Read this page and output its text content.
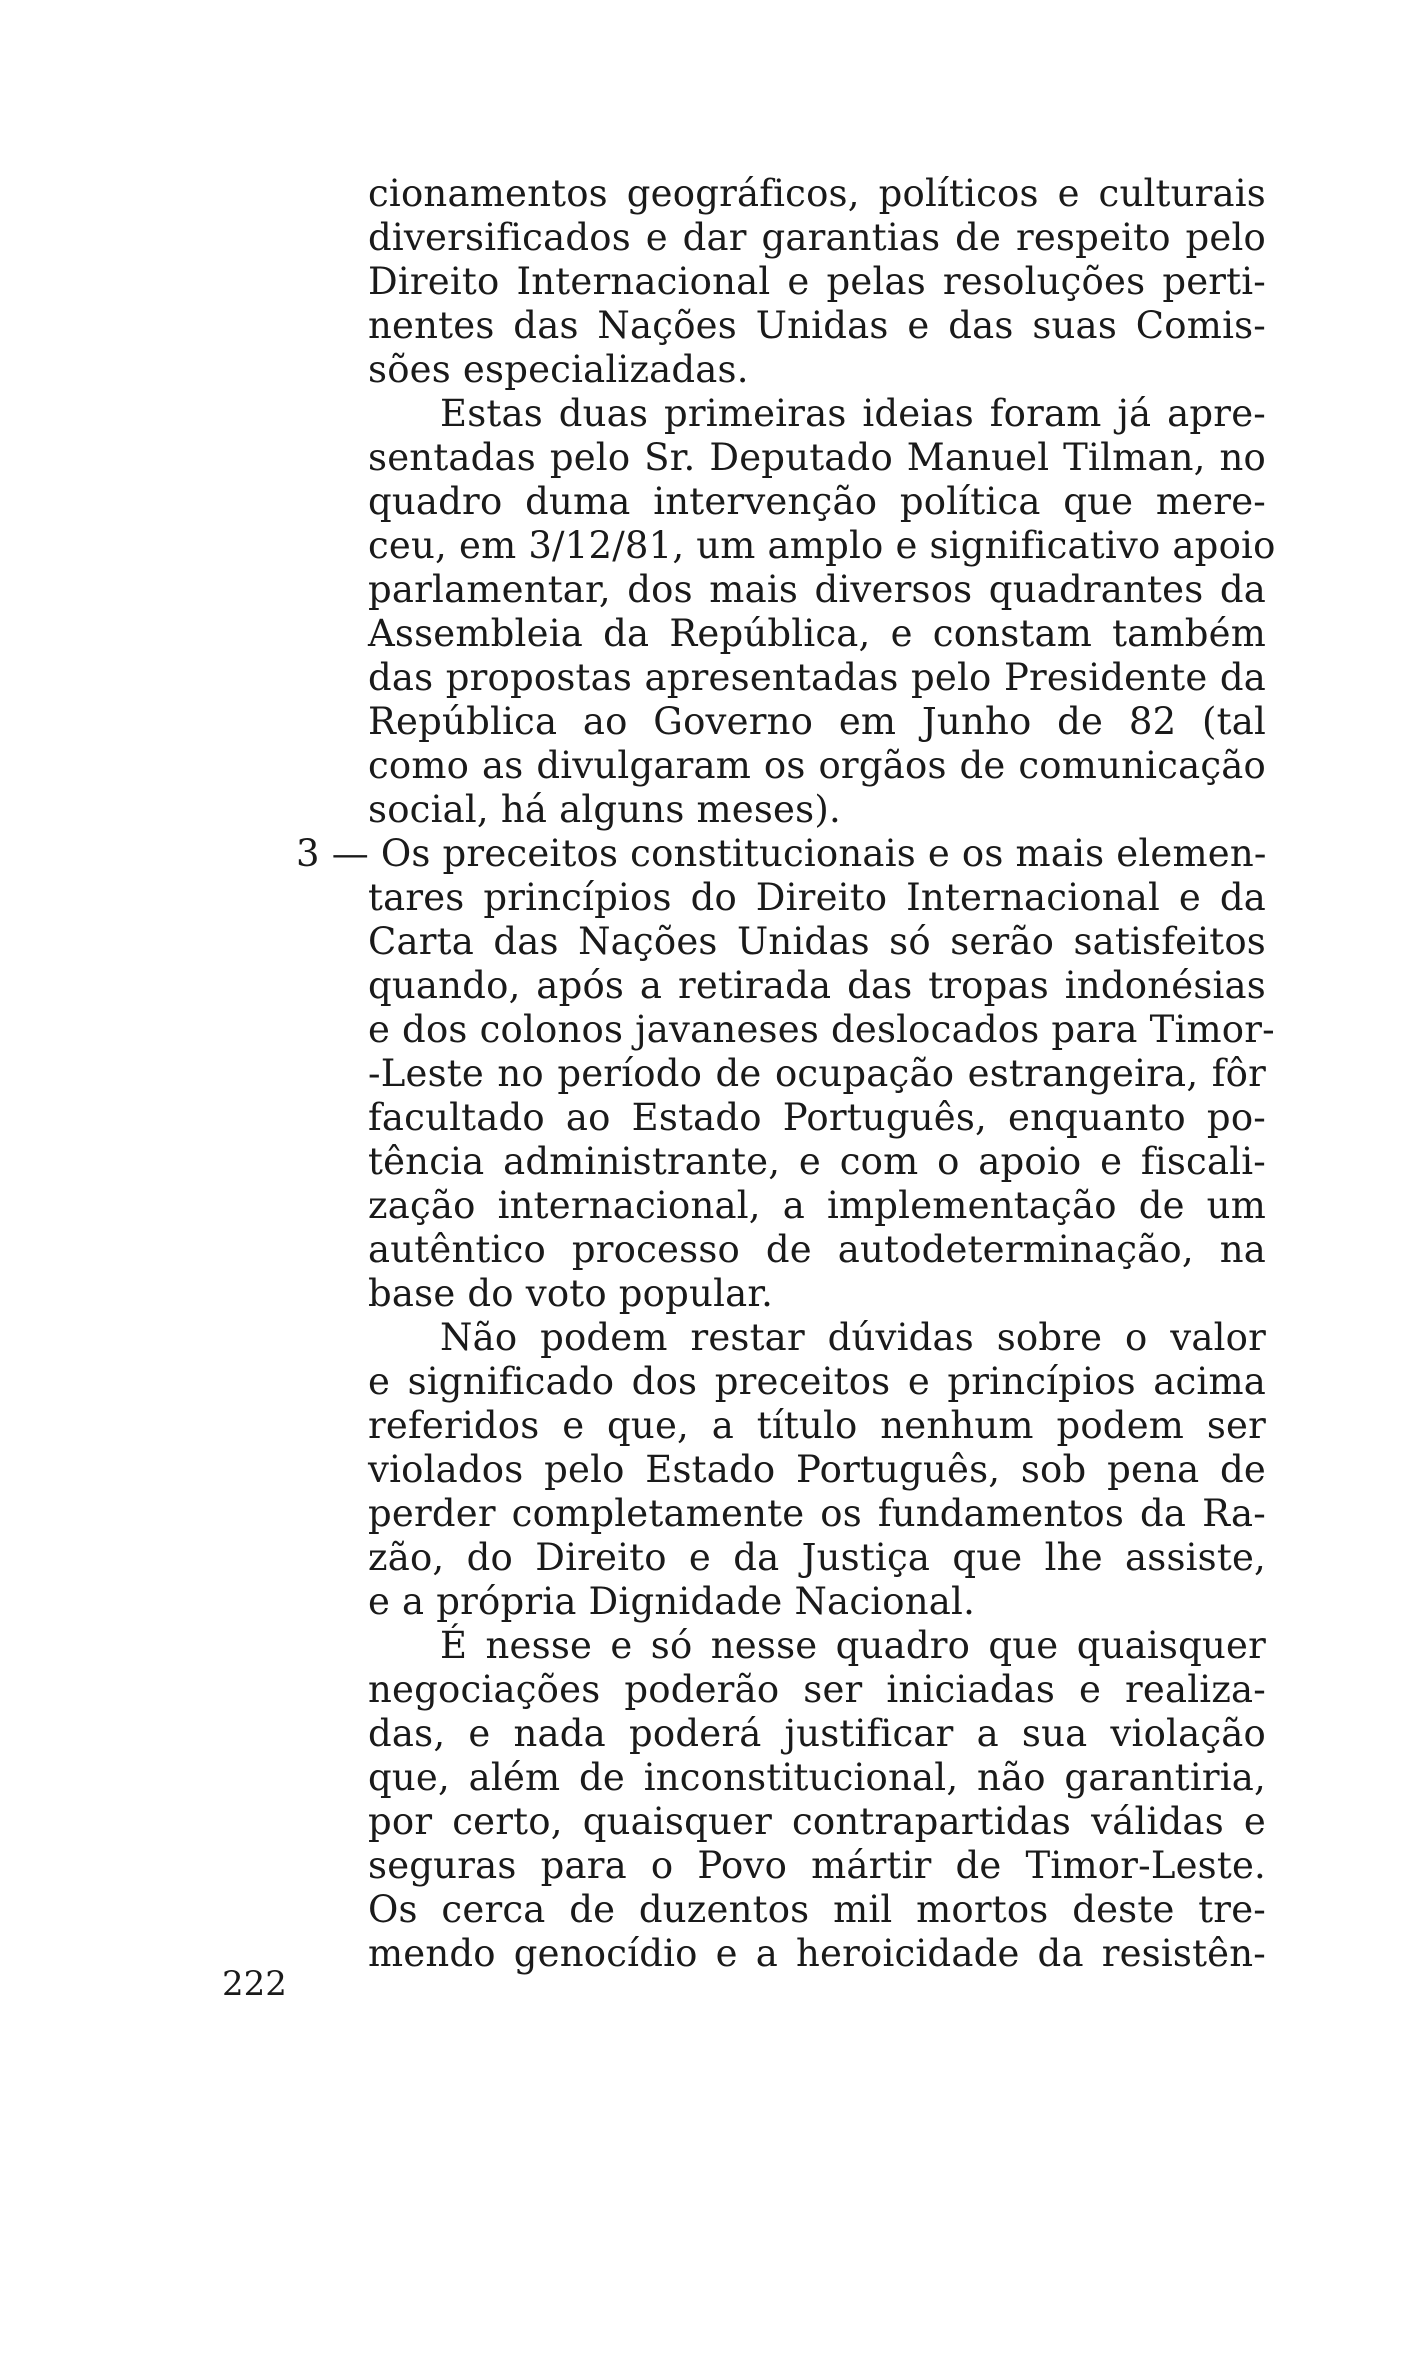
cionamentos geográficos, políticos e culturais
diversificados e dar garantias de respeito pelo
Direito Internacional e pelas resoluções perti-
nentes das Nações Unidas e das suas Comis-
sões especializadas.
Estas duas primeiras ideias foram já apre-
sentadas pelo Sr. Deputado Manuel Tilman, no
quadro duma intervenção política que mere-
ceu, em 3/12/81, um amplo e significativo apoio
parlamentar, dos mais diversos quadrantes da
Assembleia da República, e constam também
das propostas apresentadas pelo Presidente da
República ao Governo em Junho de 82 (tal
como as divulgaram os orgãos de comunicação
social, há alguns meses).
3 — Os preceitos constitucionais e os mais elemen-
tares princípios do Direito Internacional e da
Carta das Nações Unidas só serão satisfeitos
quando, após a retirada das tropas indonésias
e dos colonos javaneses deslocados para Timor-
-Leste no período de ocupação estrangeira, fôr
facultado ao Estado Português, enquanto po-
tência administrante, e com o apoio e fiscali-
zação internacional, a implementação de um
autêntico processo de autodeterminação, na
base do voto popular.
Não podem restar dúvidas sobre o valor
e significado dos preceitos e princípios acima
referidos e que, a título nenhum podem ser
violados pelo Estado Português, sob pena de
perder completamente os fundamentos da Ra-
zão, do Direito e da Justiça que lhe assiste,
e a própria Dignidade Nacional.
É nesse e só nesse quadro que quaisquer
negociações poderão ser iniciadas e realiza-
das, e nada poderá justificar a sua violação
que, além de inconstitucional, não garantiria,
por certo, quaisquer contrapartidas válidas e
seguras para o Povo mártir de Timor-Leste.
Os cerca de duzentos mil mortos deste tre-
mendo genocídio e a heroicidade da resistên-
222
